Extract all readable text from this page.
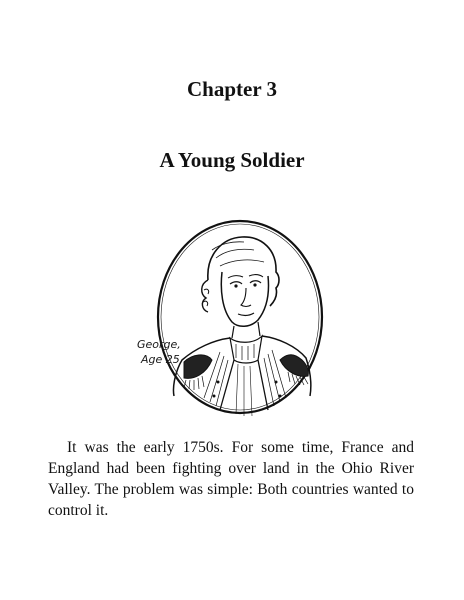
Chapter 3
A Young Soldier
George,
Age 25

It was the early 1750s. For some time, France and England had been fighting over land in the Ohio River Valley. The problem was simple: Both countries wanted to control it.
